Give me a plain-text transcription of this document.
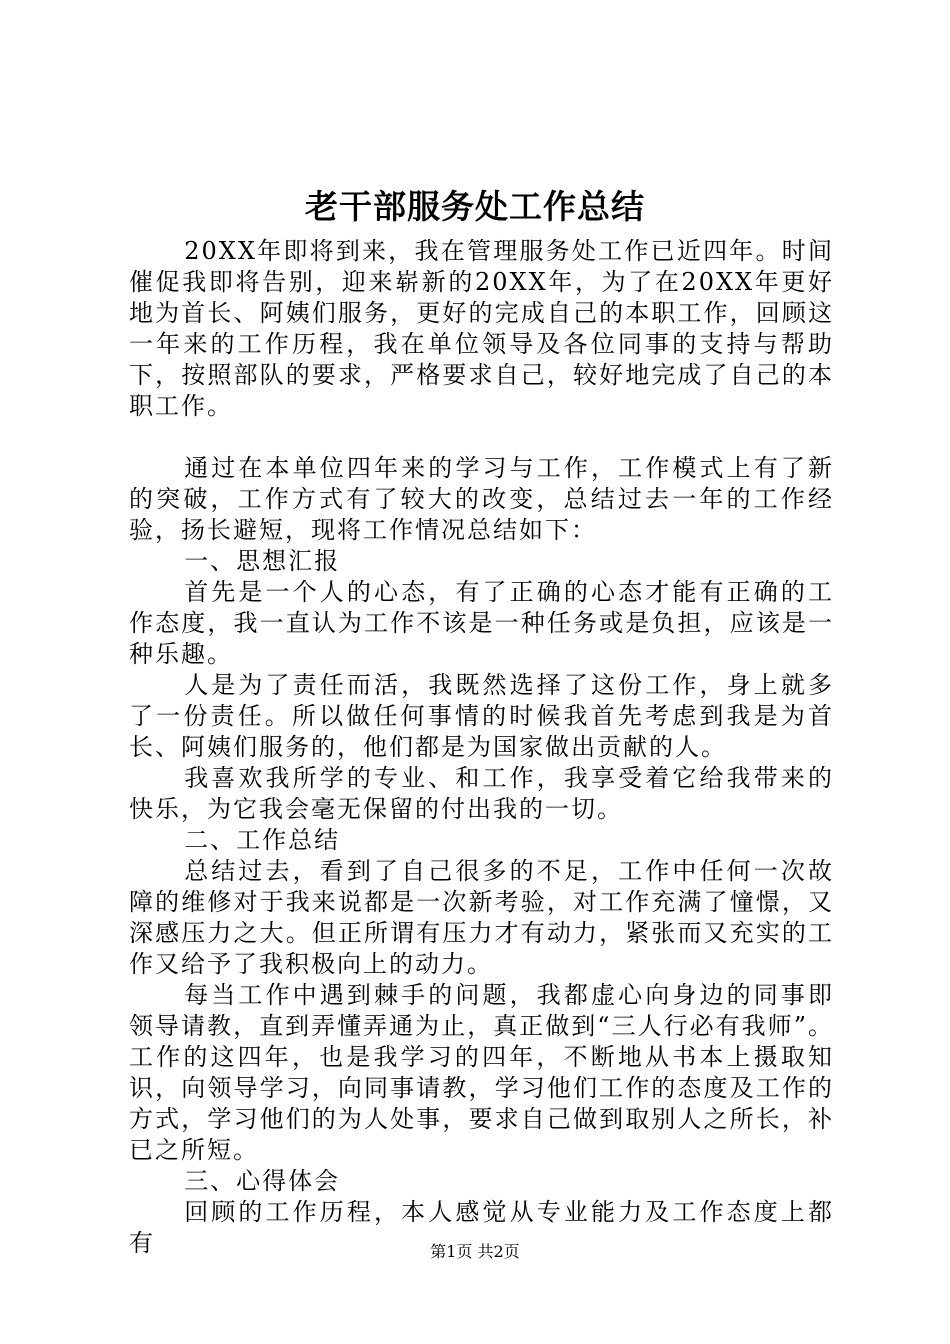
老干部服务处工作总结

20XX年即将到来，我在管理服务处工作已近四年。时间催促我即将告别，迎来崭新的20XX年，为了在20XX年更好地为首长、阿姨们服务，更好的完成自己的本职工作，回顾这一年来的工作历程，我在单位领导及各位同事的支持与帮助下，按照部队的要求，严格要求自己，较好地完成了自己的本职工作。

通过在本单位四年来的学习与工作，工作模式上有了新的突破，工作方式有了较大的改变，总结过去一年的工作经验，扬长避短，现将工作情况总结如下：

一、思想汇报

首先是一个人的心态，有了正确的心态才能有正确的工作态度，我一直认为工作不该是一种任务或是负担，应该是一种乐趣。

人是为了责任而活，我既然选择了这份工作，身上就多了一份责任。所以做任何事情的时候我首先考虑到我是为首长、阿姨们服务的，他们都是为国家做出贡献的人。

我喜欢我所学的专业、和工作，我享受着它给我带来的快乐，为它我会毫无保留的付出我的一切。

二、工作总结

总结过去，看到了自己很多的不足，工作中任何一次故障的维修对于我来说都是一次新考验，对工作充满了憧憬，又深感压力之大。但正所谓有压力才有动力，紧张而又充实的工作又给予了我积极向上的动力。

每当工作中遇到棘手的问题，我都虚心向身边的同事即领导请教，直到弄懂弄通为止，真正做到“三人行必有我师”。工作的这四年，也是我学习的四年，不断地从书本上摄取知识，向领导学习，向同事请教，学习他们工作的态度及工作的方式，学习他们的为人处事，要求自己做到取别人之所长，补已之所短。

三、心得体会

回顾的工作历程，本人感觉从专业能力及工作态度上都有	第1页 共2页
